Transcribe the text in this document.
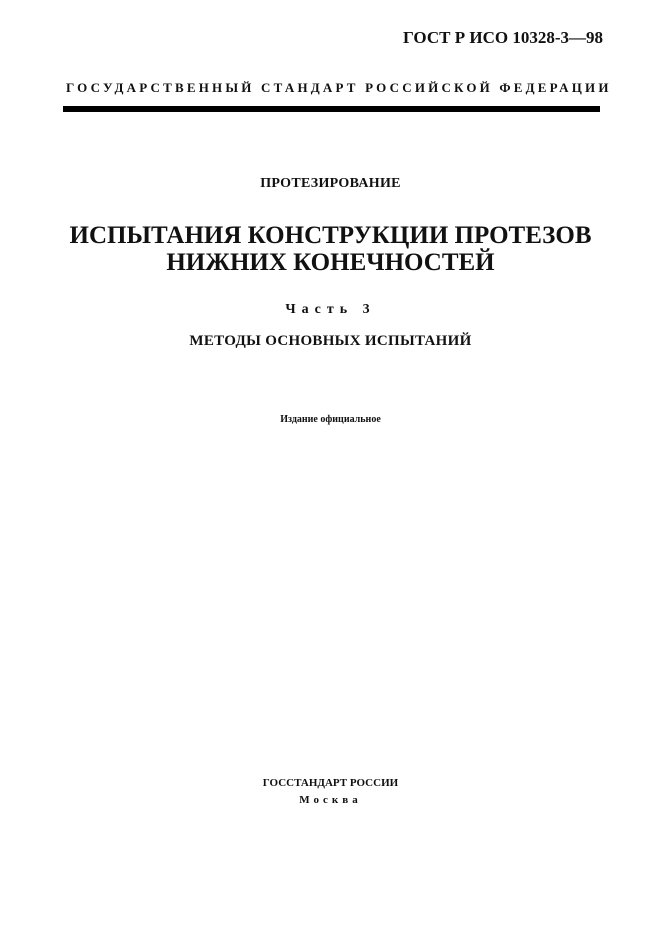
ГОСТ Р ИСО 10328-3—98
ГОСУДАРСТВЕННЫЙ СТАНДАРТ РОССИЙСКОЙ ФЕДЕРАЦИИ
ПРОТЕЗИРОВАНИЕ
ИСПЫТАНИЯ КОНСТРУКЦИИ ПРОТЕЗОВ
НИЖНИХ КОНЕЧНОСТЕЙ
Часть 3
МЕТОДЫ ОСНОВНЫХ ИСПЫТАНИЙ
Издание официальное
ГОССТАНДАРТ РОССИИ
Москва
